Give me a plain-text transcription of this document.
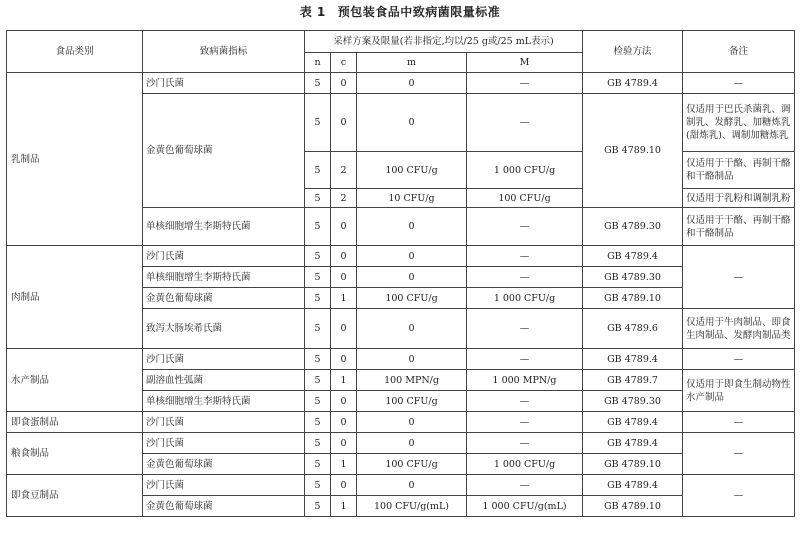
表 1 预包装食品中致病菌限量标准
食品类别	致病菌指标	采样方案及限量(若非指定,均以/25 g或/25 mL表示)				检验方法	备注
		n	c	m	M		
乳制品	沙门氏菌	5	0	0	—	GB 4789.4	—
	金黄色葡萄球菌	5	0	0	—	GB 4789.10	仅适用于巴氏杀菌乳、调制乳、发酵乳、加糖炼乳(甜炼乳)、调制加糖炼乳
		5	2	100 CFU/g	1 000 CFU/g		仅适用于干酪、再制干酪和干酪制品
		5	2	10 CFU/g	100 CFU/g		仅适用于乳粉和调制乳粉
	单核细胞增生李斯特氏菌	5	0	0	—	GB 4789.30	仅适用于干酪、再制干酪和干酪制品
肉制品	沙门氏菌	5	0	0	—	GB 4789.4	—
	单核细胞增生李斯特氏菌	5	0	0	—	GB 4789.30	
	金黄色葡萄球菌	5	1	100 CFU/g	1 000 CFU/g	GB 4789.10	
	致泻大肠埃希氏菌	5	0	0	—	GB 4789.6	仅适用于牛肉制品、即食生肉制品、发酵肉制品类
水产制品	沙门氏菌	5	0	0	—	GB 4789.4	—
	副溶血性弧菌	5	1	100 MPN/g	1 000 MPN/g	GB 4789.7	仅适用于即食生制动物性水产制品
	单核细胞增生李斯特氏菌	5	0	100 CFU/g	—	GB 4789.30	
即食蛋制品	沙门氏菌	5	0	0	—	GB 4789.4	—
粮食制品	沙门氏菌	5	0	0	—	GB 4789.4	—
	金黄色葡萄球菌	5	1	100 CFU/g	1 000 CFU/g	GB 4789.10	
即食豆制品	沙门氏菌	5	0	0	—	GB 4789.4	—
	金黄色葡萄球菌	5	1	100 CFU/g(mL)	1 000 CFU/g(mL)	GB 4789.10	
